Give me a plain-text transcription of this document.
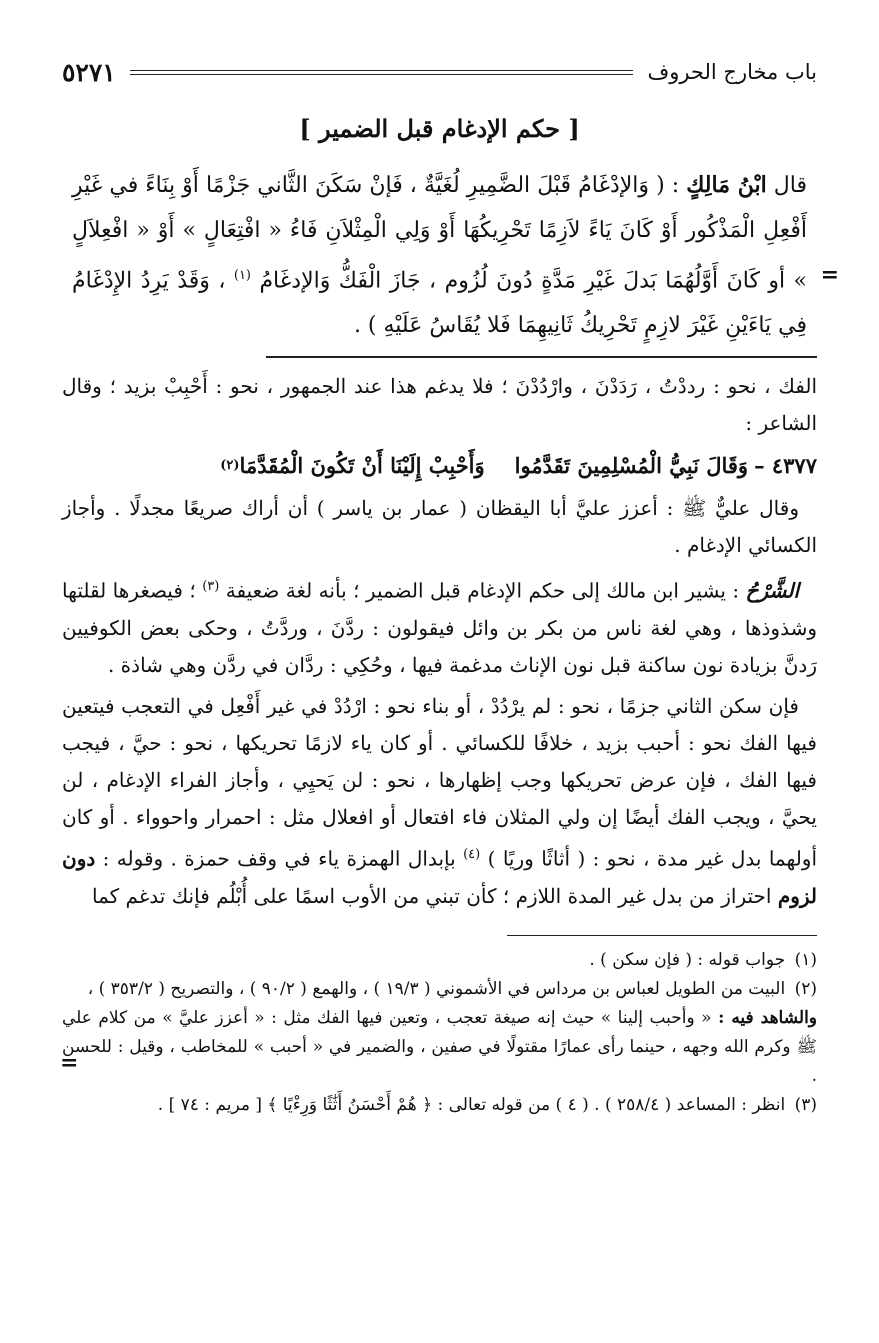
باب مخارج الحروف
٥٢٧١
[ حكم الإدغام قبل الضمير ]
قال ابْنُ مَالِكٍ : ( وَالإدْغَامُ قَبْلَ الضَّمِيرِ لُغَيَّةٌ ، فَإنْ سَكَنَ الثَّاني جَزْمًا أَوْ بِنَاءً في غَيْرِ أَفْعِلِ الْمَذْكُور أَوْ كَانَ يَاءً لاَزِمًا تَحْرِيكُهَا أَوْ وَلِي الْمِثْلاَنِ فَاءُ « افْتِعَالٍ » أَوْ « افْعِلاَلٍ » أو كَانَ أَوَّلُهُمَا بَدلَ غَيْرِ مَدَّةٍ دُونَ لُزُوم ، جَازَ الْفَكُّ وَالإدغَامُ $^{(١)}$ ، وَقَدْ يَرِدُ الإِدْغَامُ فِي يَاءَيْنِ غَيْرَ لازِمٍ تَحْرِيكُ ثَانِيهِمَا فَلا يُقَاسُ عَلَيْهِ ) .
=

الفك ، نحو : رددْتُ ، رَدَدْنَ ، وارْدُدْنَ ؛ فلا يدغم هذا عند الجمهور ، نحو : أَحْبِبْ بزيد ؛ وقال الشاعر :

٤٣٧٧ –
وَقَالَ نَبِيُّ الْمُسْلِمِينَ تَقَدَّمُوا
وَأَحْبِبْ إِلَيْنَا أَنْ تَكُونَ الْمُقَدَّمَا
(٢)

وقال عليٌّ ﷺ : أعزز عليَّ أبا اليقظان ( عمار بن ياسر ) أن أراك صريعًا مجدلًا . وأجاز الكسائي الإدغام .

الشَّرْحُ : يشير ابن مالك إلى حكم الإدغام قبل الضمير ؛ بأنه لغة ضعيفة $^{(٣)}$ ؛ فيصغرها لقلتها وشذوذها ، وهي لغة ناس من بكر بن وائل فيقولون : ردَّنَ ، وردَّتُ ، وحكى بعض الكوفيين رَدنَّ بزيادة نون ساكنة قبل نون الإناث مدغمة فيها ، وحُكِي : ردَّان في ردَّن وهي شاذة .

فإن سكن الثاني جزمًا ، نحو : لم يرْدُدْ ، أو بناء نحو : ارْدُدْ في غير أَفْعِل في التعجب فيتعين فيها الفك نحو : أحبب بزيد ، خلافًا للكسائي . أو كان ياء لازمًا تحريكها ، نحو : حيَّ ، فيجب فيها الفك ، فإن عرض تحريكها وجب إظهارها ، نحو : لن يَحيِي ، وأجاز الفراء الإدغام ، لن يحيَّ ، ويجب الفك أيضًا إن ولي المثلان فاء افتعال أو افعلال مثل : احمرار واحوواء . أو كان أولهما بدل غير مدة ، نحو : ( أثاثًا وريًا ) $^{(٤)}$ بإبدال الهمزة ياء في وقف حمزة . وقوله : دون لزوم احتراز من بدل غير المدة اللازم ؛ كأن تبني من الأوب اسمًا على أُبْلُم فإنك تدغم كما

=

(١) جواب قوله : ( فإن سكن ) .

(٢) البيت من الطويل لعباس بن مرداس في الأشموني ( ١٩/٣ ) ، والهمع ( ٩٠/٢ ) ، والتصريح ( ٣٥٣/٢ ) ،

والشاهد فيه : « وأحبب إلينا » حيث إنه صيغة تعجب ، وتعين فيها الفك مثل : « أعزز عليَّ » من كلام علي ﷺ وكرم الله وجهه ، حينما رأى عمارًا مقتولًا في صفين ، والضمير في « أحبب » للمخاطب ، وقيل : للحسن .

(٣) انظر : المساعد ( ٢٥٨/٤ ) . ( ٤ ) من قوله تعالى : ﴿ هُمْ أَحْسَنُ أَثَٰثًا وَرِءْيًا ﴾ [ مريم : ٧٤ ] .
